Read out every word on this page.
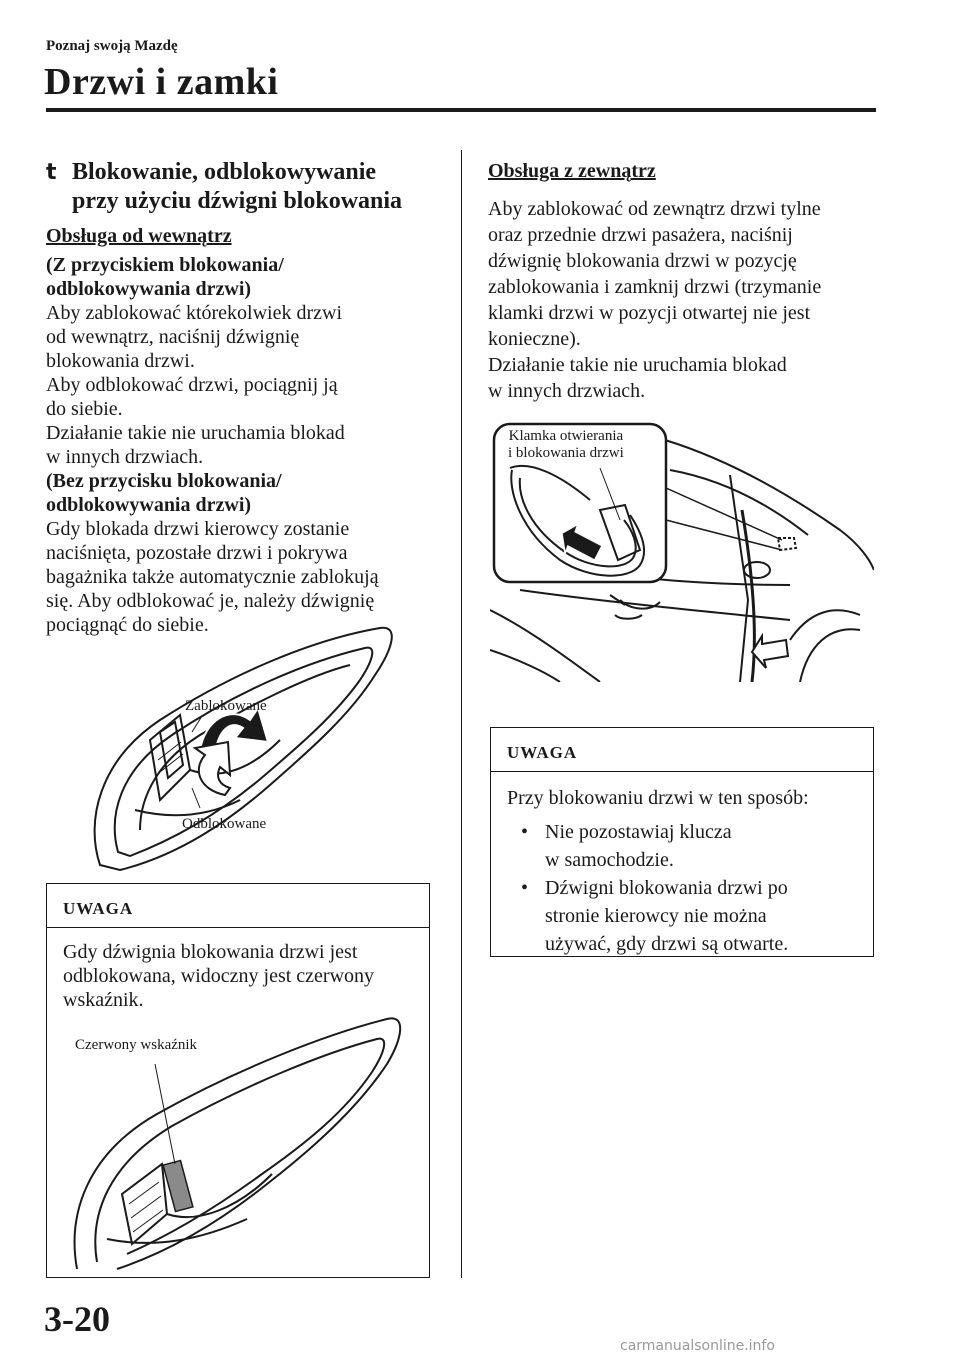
Poznaj swoją Mazdę
Drzwi i zamki
t Blokowanie, odblokowywanie
przy użyciu dźwigni blokowania
Obsługa od wewnątrz
(Z przyciskiem blokowania/
odblokowywania drzwi)
Aby zablokować którekolwiek drzwi
od wewnątrz, naciśnij dźwignię
blokowania drzwi.
Aby odblokować drzwi, pociągnij ją
do siebie.
Działanie takie nie uruchamia blokad
w innych drzwiach.
(Bez przycisku blokowania/
odblokowywania drzwi)
Gdy blokada drzwi kierowcy zostanie
naciśnięta, pozostałe drzwi i pokrywa
bagażnika także automatycznie zablokują
się. Aby odblokować je, należy dźwignię
pociągnąć do siebie.
Zablokowane
Odblokowane
UWAGA
Gdy dźwignia blokowania drzwi jest
odblokowana, widoczny jest czerwony
wskaźnik.
Czerwony wskaźnik
Obsługa z zewnątrz
Aby zablokować od zewnątrz drzwi tylne
oraz przednie drzwi pasażera, naciśnij
dźwignię blokowania drzwi w pozycję
zablokowania i zamknij drzwi (trzymanie
klamki drzwi w pozycji otwartej nie jest
konieczne).
Działanie takie nie uruchamia blokad
w innych drzwiach.
Klamka otwierania
i blokowania drzwi
UWAGA
Przy blokowaniu drzwi w ten sposób:
• Nie pozostawiaj klucza
w samochodzie.
• Dźwigni blokowania drzwi po
stronie kierowcy nie można
używać, gdy drzwi są otwarte.
3-20
carmanualsonline.info
